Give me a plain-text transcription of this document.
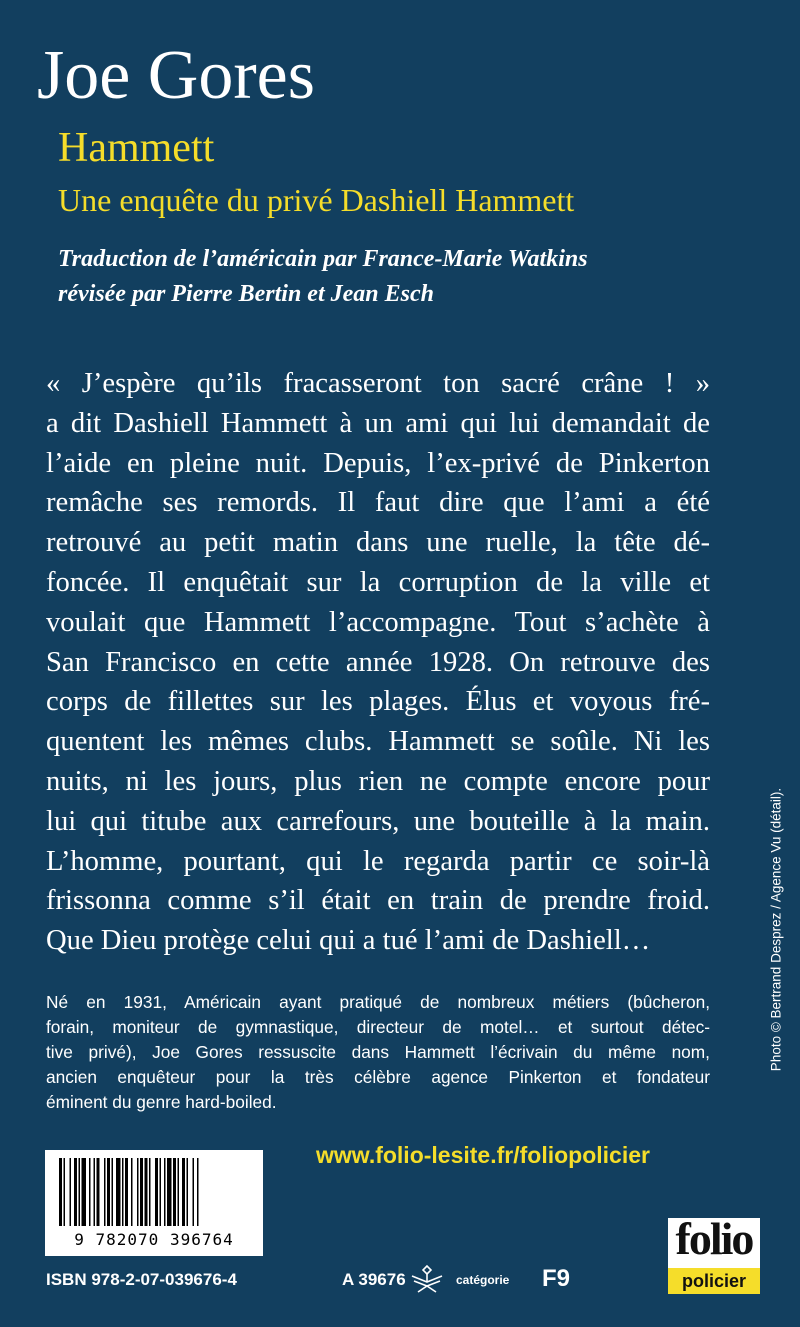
Joe Gores
Hammett
Une enquête du privé Dashiell Hammett
Traduction de l’américain par France-Marie Watkins
révisée par Pierre Bertin et Jean Esch
« J’espère qu’ils fracasseront ton sacré crâne ! »
a dit Dashiell Hammett à un ami qui lui demandait de
l’aide en pleine nuit. Depuis, l’ex-privé de Pinkerton
remâche ses remords. Il faut dire que l’ami a été
retrouvé au petit matin dans une ruelle, la tête dé-
foncée. Il enquêtait sur la corruption de la ville et
voulait que Hammett l’accompagne. Tout s’achète à
San Francisco en cette année 1928. On retrouve des
corps de fillettes sur les plages. Élus et voyous fré-
quentent les mêmes clubs. Hammett se soûle. Ni les
nuits, ni les jours, plus rien ne compte encore pour
lui qui titube aux carrefours, une bouteille à la main.
L’homme, pourtant, qui le regarda partir ce soir-là
frissonna comme s’il était en train de prendre froid.
Que Dieu protège celui qui a tué l’ami de Dashiell…
Né en 1931, Américain ayant pratiqué de nombreux métiers (bûcheron,
forain, moniteur de gymnastique, directeur de motel… et surtout détec-
tive privé), Joe Gores ressuscite dans Hammett l’écrivain du même nom,
ancien enquêteur pour la très célèbre agence Pinkerton et fondateur
éminent du genre hard-boiled.
Photo © Bertrand Desprez / Agence Vu (détail).
www.folio-lesite.fr/foliopolicier
9 782070 396764
ISBN 978-2-07-039676-4	A 39676	catégorie F9
folio
policier
